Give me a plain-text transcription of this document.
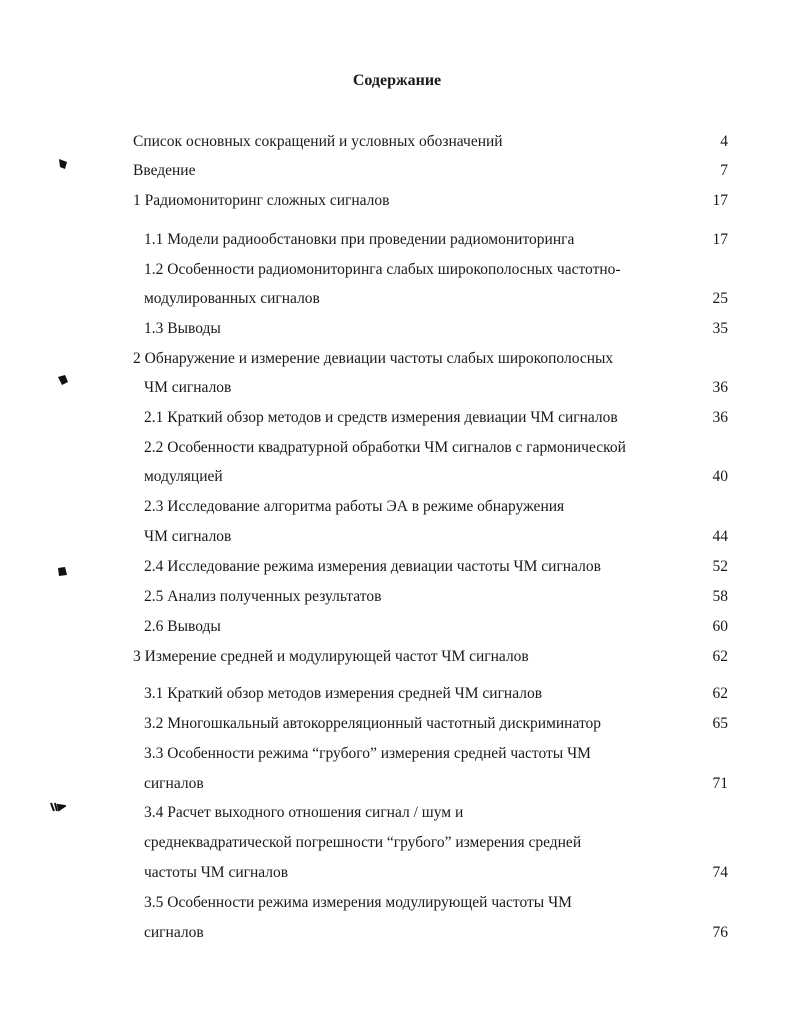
Содержание
Список основных сокращений и условных обозначений	4
Введение	7
1 Радиомониторинг сложных сигналов	17
1.1 Модели радиообстановки при проведении радиомониторинга	17
1.2 Особенности радиомониторинга слабых широкополосных частотно-
модулированных сигналов	25
1.3 Выводы	35
2 Обнаружение и измерение девиации частоты слабых широкополосных
ЧМ сигналов	36
2.1 Краткий обзор методов и средств измерения девиации ЧМ сигналов	36
2.2 Особенности квадратурной обработки ЧМ сигналов с гармонической
модуляцией	40
2.3 Исследование алгоритма работы ЭА в режиме обнаружения
ЧМ сигналов	44
2.4 Исследование режима измерения девиации частоты ЧМ сигналов	52
2.5 Анализ полученных результатов	58
2.6 Выводы	60
3 Измерение средней и модулирующей частот ЧМ сигналов	62
3.1 Краткий обзор методов измерения средней ЧМ сигналов	62
3.2 Многошкальный автокорреляционный частотный дискриминатор	65
3.3 Особенности режима “грубого” измерения средней частоты ЧМ
сигналов	71
3.4 Расчет выходного отношения сигнал / шум и
среднеквадратической погрешности “грубого” измерения средней
частоты ЧМ сигналов	74
3.5 Особенности режима измерения модулирующей частоты ЧМ
сигналов	76
